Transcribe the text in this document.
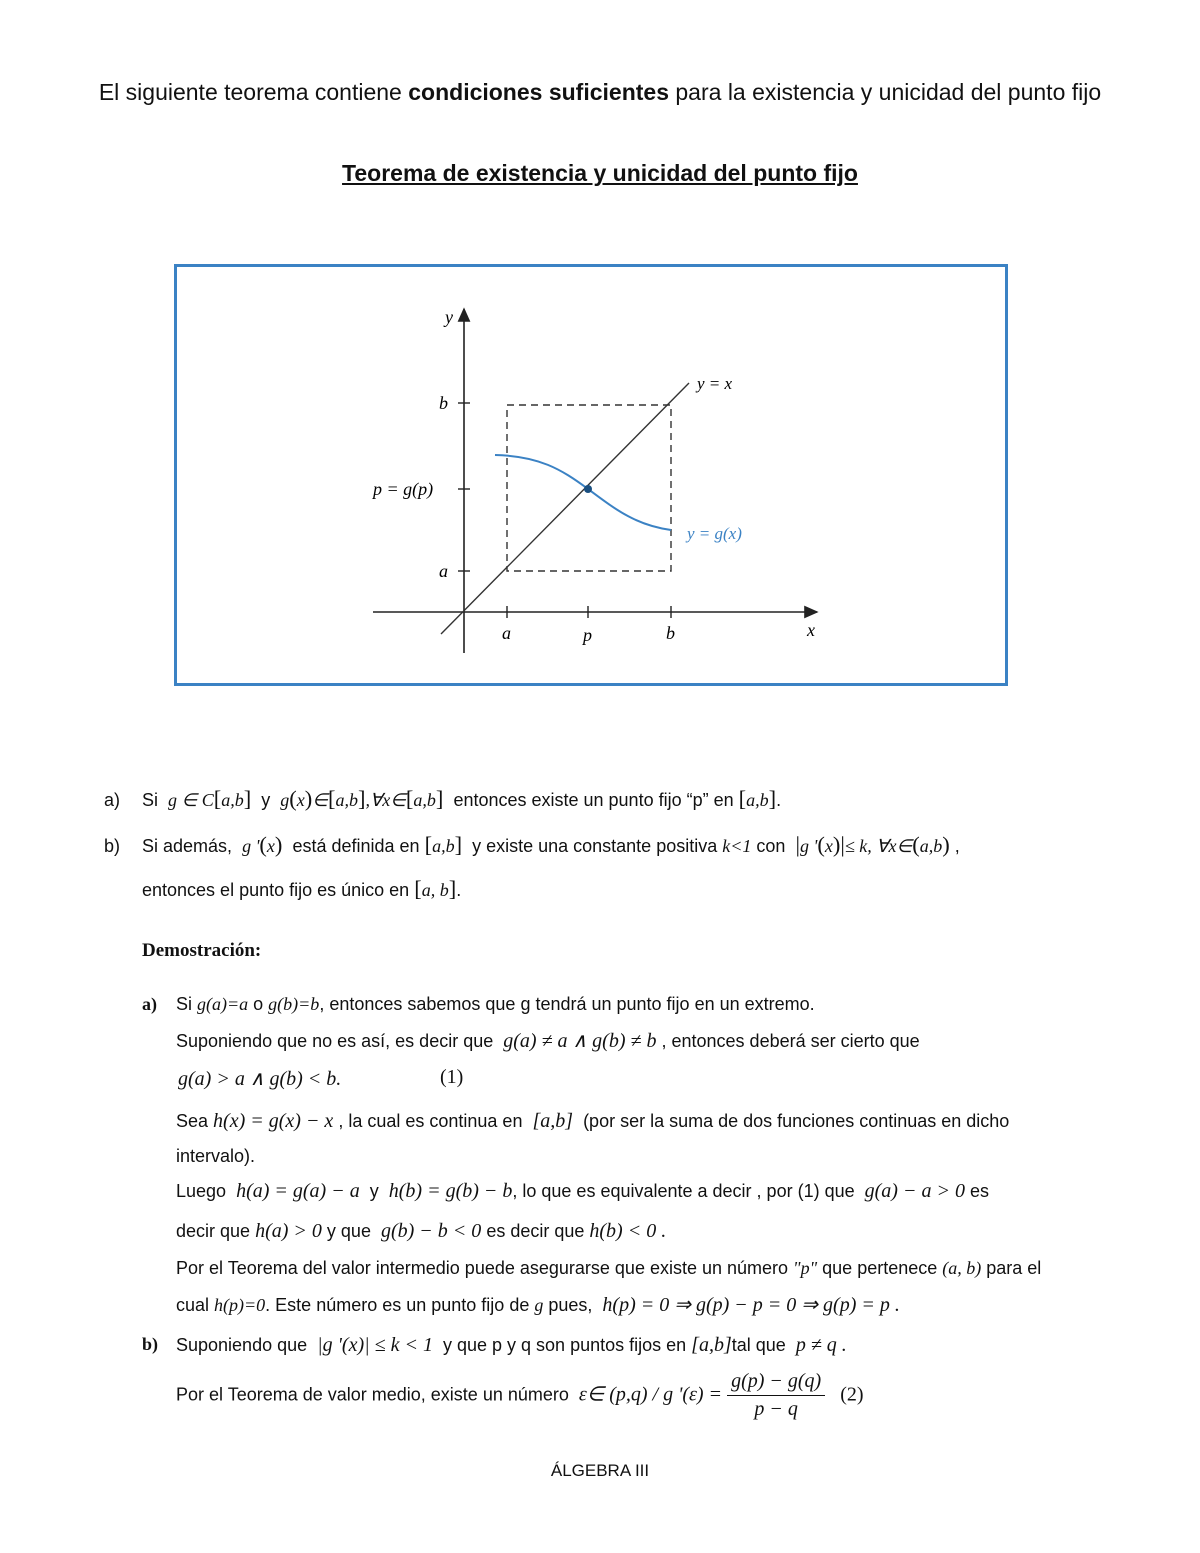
El siguiente teorema contiene condiciones suficientes para la existencia y unicidad del punto fijo
Teorema de existencia y unicidad del punto fijo
y
x
y = x
y = g(x)
b
p = g(p)
a
a	p	b
a) Si g ∈ C[a,b] y g(x)∈[a,b],∀x∈[a,b] entonces existe un punto fijo “p” en [a,b].
b) Si además, g '(x) está definida en [a,b] y existe una constante positiva k<1 con |g '(x)|≤ k, ∀x∈(a,b) ,
entonces el punto fijo es único en [a, b].
Demostración:
a) Si g(a)=a o g(b)=b, entonces sabemos que g tendrá un punto fijo en un extremo.
Suponiendo que no es así, es decir que g(a) ≠ a ∧ g(b) ≠ b , entonces deberá ser cierto que
g(a) > a ∧ g(b) < b.	(1)
Sea h(x) = g(x) − x , la cual es continua en [a,b] (por ser la suma de dos funciones continuas en dicho
intervalo).
Luego h(a) = g(a) − a y h(b) = g(b) − b, lo que es equivalente a decir , por (1) que g(a) − a > 0 es
decir que h(a) > 0 y que g(b) − b < 0 es decir que h(b) < 0 .
Por el Teorema del valor intermedio puede asegurarse que existe un número "p" que pertenece (a, b) para el
cual h(p)=0. Este número es un punto fijo de g pues, h(p) = 0 ⇒ g(p) − p = 0 ⇒ g(p) = p .
b) Suponiendo que |g '(x)| ≤ k < 1 y que p y q son puntos fijos en [a,b]tal que p ≠ q .
Por el Teorema de valor medio, existe un número ε∈ (p,q) / g '$(\varepsilon) = \frac{g(p) - g(q)}{p - q} (2)$
ÁLGEBRA III
